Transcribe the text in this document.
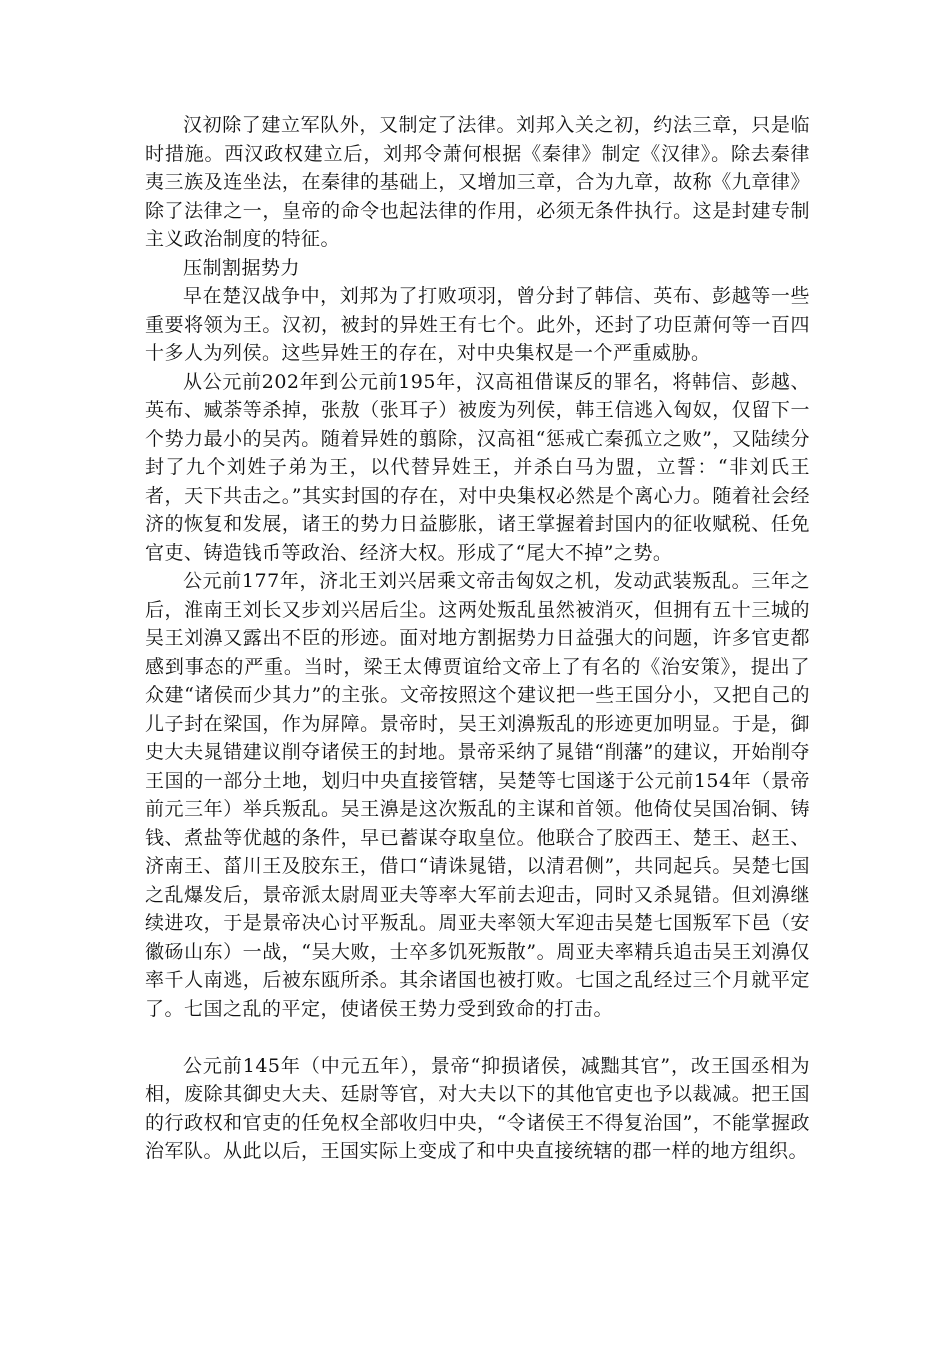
汉初除了建立军队外，又制定了法律。刘邦入关之初，约法三章，只是临时措施。西汉政权建立后，刘邦令萧何根据《秦律》制定《汉律》。除去秦律夷三族及连坐法，在秦律的基础上，又增加三章，合为九章，故称《九章律》除了法律之一，皇帝的命令也起法律的作用，必须无条件执行。这是封建专制主义政治制度的特征。

压制割据势力

早在楚汉战争中，刘邦为了打败项羽，曾分封了韩信、英布、彭越等一些重要将领为王。汉初，被封的异姓王有七个。此外，还封了功臣萧何等一百四十多人为列侯。这些异姓王的存在，对中央集权是一个严重威胁。

从公元前202年到公元前195年，汉高祖借谋反的罪名，将韩信、彭越、英布、臧荼等杀掉，张敖（张耳子）被废为列侯，韩王信逃入匈奴，仅留下一个势力最小的吴芮。随着异姓的翦除，汉高祖“惩戒亡秦孤立之败”，又陆续分封了九个刘姓子弟为王，以代替异姓王，并杀白马为盟，立誓：“非刘氏王者，天下共击之。”其实封国的存在，对中央集权必然是个离心力。随着社会经济的恢复和发展，诸王的势力日益膨胀，诸王掌握着封国内的征收赋税、任免官吏、铸造钱币等政治、经济大权。形成了“尾大不掉”之势。

公元前177年，济北王刘兴居乘文帝击匈奴之机，发动武装叛乱。三年之后，淮南王刘长又步刘兴居后尘。这两处叛乱虽然被消灭，但拥有五十三城的吴王刘濞又露出不臣的形迹。面对地方割据势力日益强大的问题，许多官吏都感到事态的严重。当时，梁王太傅贾谊给文帝上了有名的《治安策》，提出了众建“诸侯而少其力”的主张。文帝按照这个建议把一些王国分小，又把自己的儿子封在梁国，作为屏障。景帝时，吴王刘濞叛乱的形迹更加明显。于是，御史大夫晁错建议削夺诸侯王的封地。景帝采纳了晁错“削藩”的建议，开始削夺王国的一部分土地，划归中央直接管辖，吴楚等七国遂于公元前154年（景帝前元三年）举兵叛乱。吴王濞是这次叛乱的主谋和首领。他倚仗吴国冶铜、铸钱、煮盐等优越的条件，早已蓄谋夺取皇位。他联合了胶西王、楚王、赵王、济南王、菑川王及胶东王，借口“请诛晁错，以清君侧”，共同起兵。吴楚七国之乱爆发后，景帝派太尉周亚夫等率大军前去迎击，同时又杀晁错。但刘濞继续进攻，于是景帝决心讨平叛乱。周亚夫率领大军迎击吴楚七国叛军下邑（安徽砀山东）一战，“吴大败，士卒多饥死叛散”。周亚夫率精兵追击吴王刘濞仅率千人南逃，后被东瓯所杀。其余诸国也被打败。七国之乱经过三个月就平定了。七国之乱的平定，使诸侯王势力受到致命的打击。

公元前145年（中元五年），景帝“抑损诸侯，减黜其官”，改王国丞相为相，废除其御史大夫、廷尉等官，对大夫以下的其他官吏也予以裁减。把王国的行政权和官吏的任免权全部收归中央，“令诸侯王不得复治国”，不能掌握政治军队。从此以后，王国实际上变成了和中央直接统辖的郡一样的地方组织。
